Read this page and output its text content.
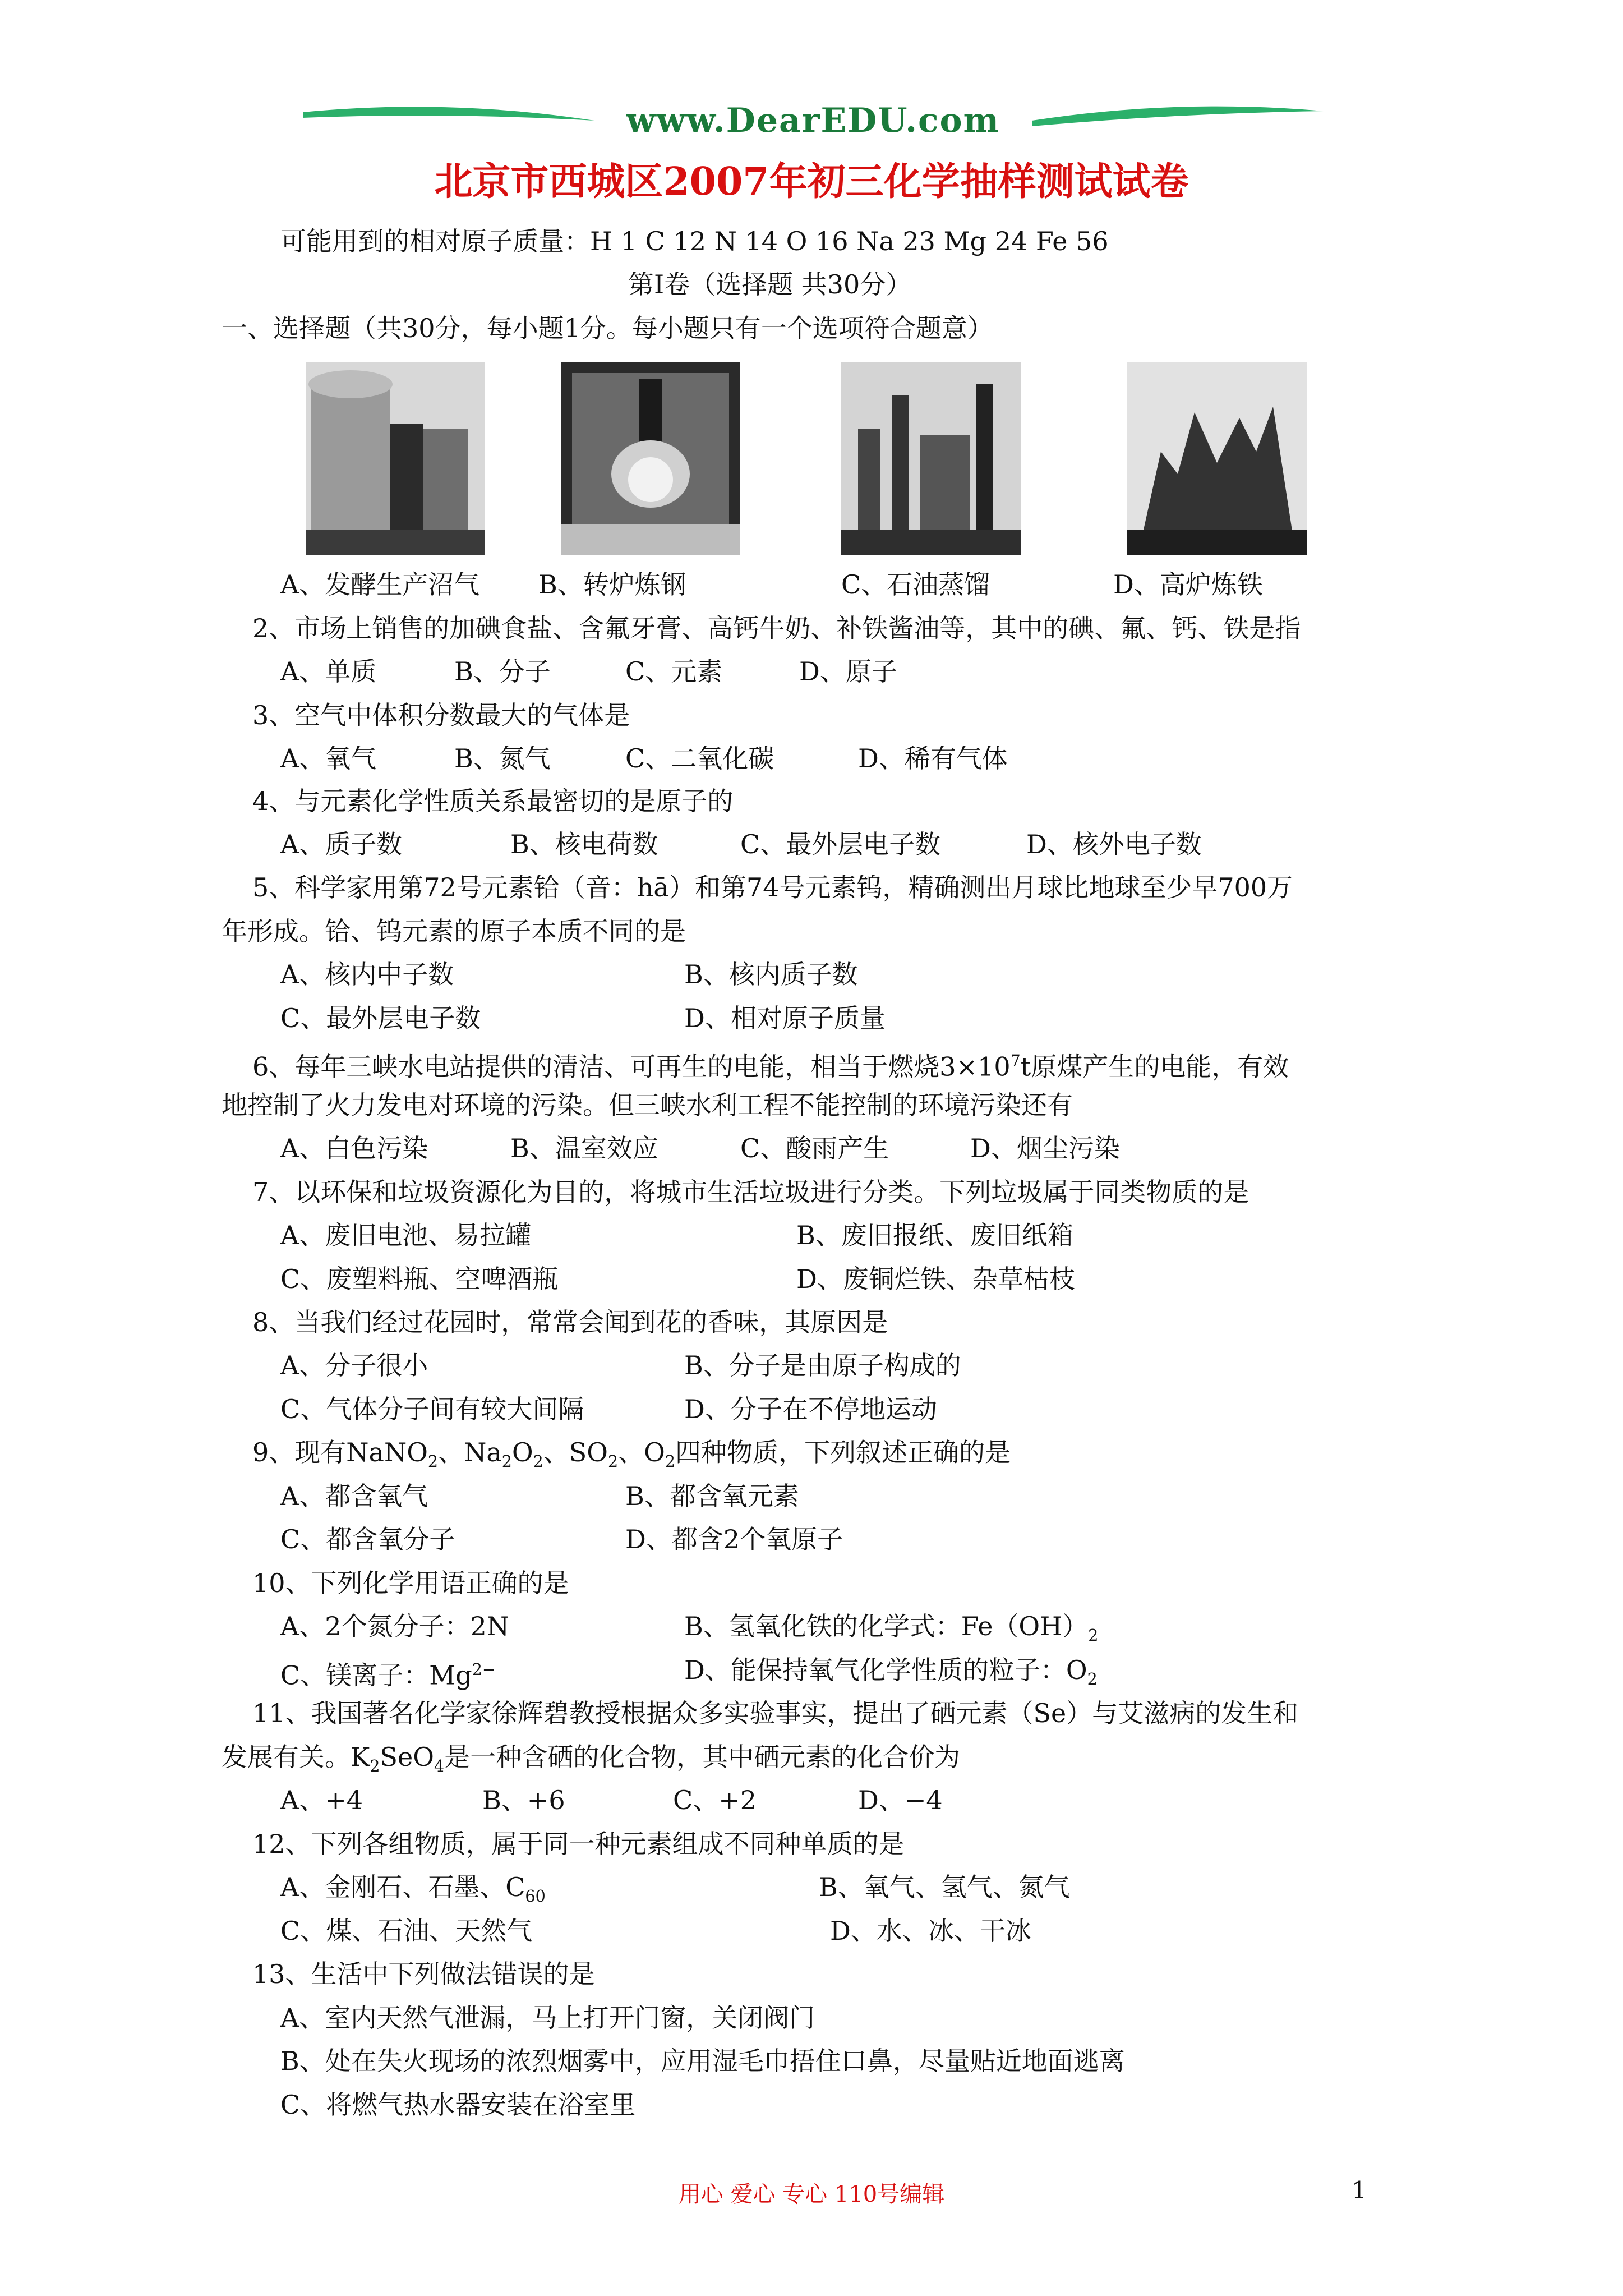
www.DearEDU.com
北京市西城区2007年初三化学抽样测试试卷
可能用到的相对原子质量：H 1 C 12 N 14 O 16 Na 23 Mg 24 Fe 56
第Ⅰ卷（选择题 共30分）
一、选择题（共30分，每小题1分。每小题只有一个选项符合题意）
A、发酵生产沼气 B、转炉炼钢	C、石油蒸馏	D、高炉炼铁
2、市场上销售的加碘食盐、含氟牙膏、高钙牛奶、补铁酱油等，其中的碘、氟、钙、铁是指
A、单质	B、分子	C、元素	D、原子
3、空气中体积分数最大的气体是
A、氧气	B、氮气	C、二氧化碳	D、稀有气体
4、与元素化学性质关系最密切的是原子的
A、质子数	B、核电荷数	C、最外层电子数	D、核外电子数
5、科学家用第72号元素铪（音：hā）和第74号元素钨，精确测出月球比地球至少早700万
年形成。铪、钨元素的原子本质不同的是
A、核内中子数	B、核内质子数
C、最外层电子数	D、相对原子质量
6、每年三峡水电站提供的清洁、可再生的电能，相当于燃烧$3\times 10^7t$原煤产生的电能，有效
地控制了火力发电对环境的污染。但三峡水利工程不能控制的环境污染还有
A、白色污染	B、温室效应	C、酸雨产生	D、烟尘污染
7、以环保和垃圾资源化为目的，将城市生活垃圾进行分类。下列垃圾属于同类物质的是
A、废旧电池、易拉罐	B、废旧报纸、废旧纸箱
C、废塑料瓶、空啤酒瓶	D、废铜烂铁、杂草枯枝
8、当我们经过花园时，常常会闻到花的香味，其原因是
A、分子很小	B、分子是由原子构成的
C、气体分子间有较大间隔	D、分子在不停地运动
9、现有NaNO$_2$、$Na_2O_2$、$SO_2$、$O_2$四种物质，下列叙述正确的是
A、都含氧气	B、都含氧元素
C、都含氧分子	D、都含2个氧原子
10、下列化学用语正确的是
A、2个氮分子：2N	B、氢氧化铁的化学式：$Fe(OH)_2$
C、镁离子：$Mg^{2-}$	D、能保持氧气化学性质的粒子：$O_2$
11、我国著名化学家徐辉碧教授根据众多实验事实，提出了硒元素（Se）与艾滋病的发生和
发展有关。$K_2SeO_4$是一种含硒的化合物，其中硒元素的化合价为
A、+4	B、+6	C、+2	D、−4
12、下列各组物质，属于同一种元素组成不同种单质的是
A、金刚石、石墨、$C_{60}$	B、氧气、氢气、氮气
C、煤、石油、天然气	D、水、冰、干冰
13、生活中下列做法错误的是
A、室内天然气泄漏，马上打开门窗，关闭阀门
B、处在失火现场的浓烈烟雾中，应用湿毛巾捂住口鼻，尽量贴近地面逃离
C、将燃气热水器安装在浴室里
用心 爱心 专心 110号编辑	1
